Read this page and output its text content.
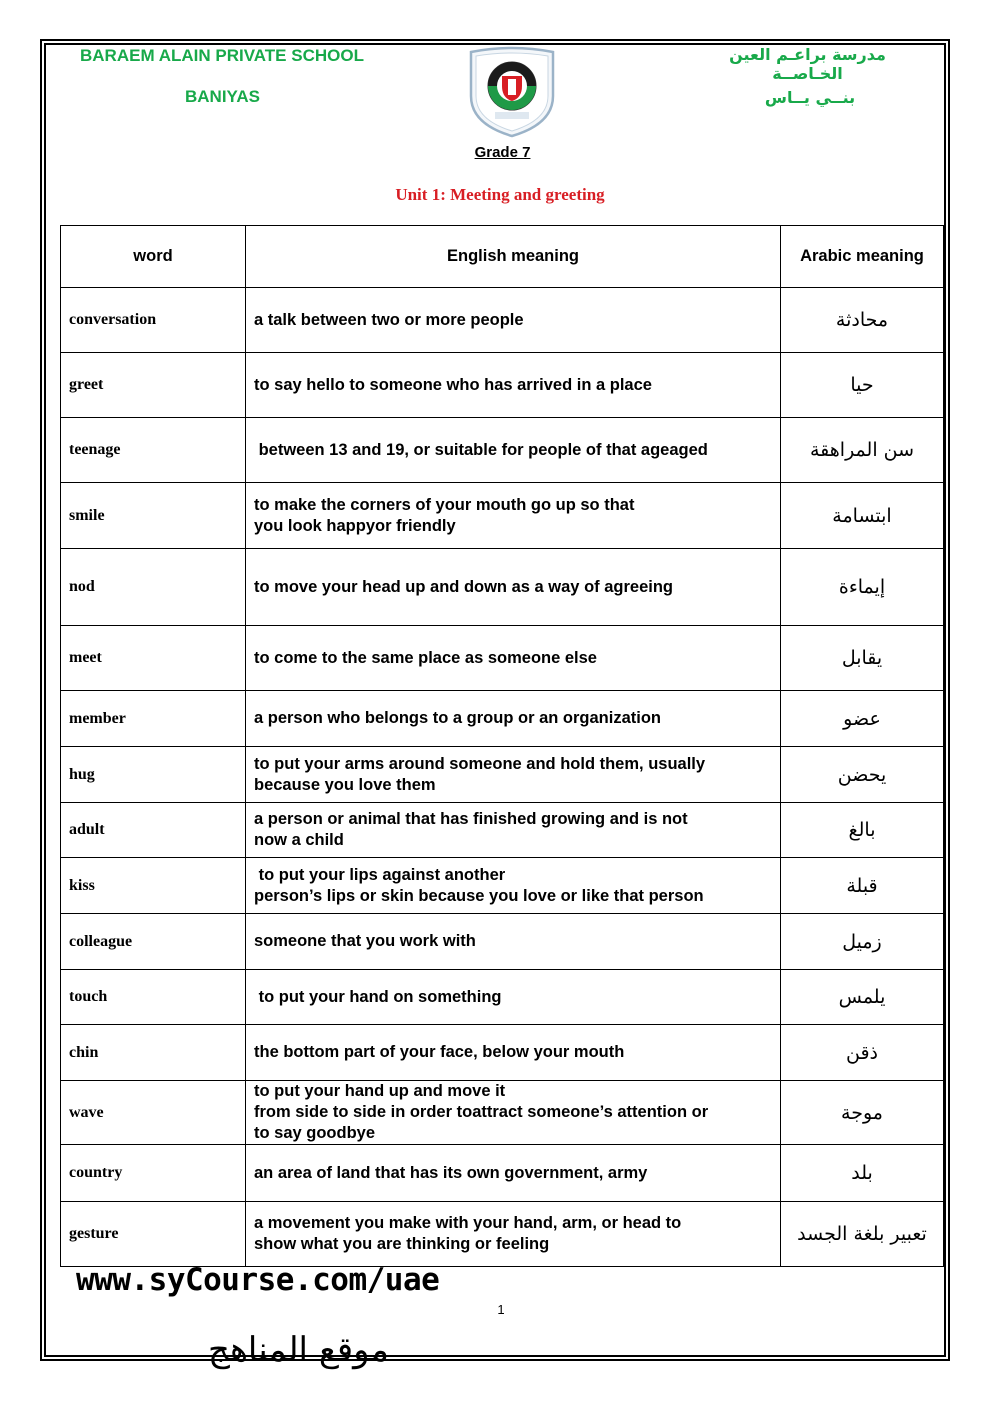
BARAEM ALAIN PRIVATE SCHOOL
BANIYAS
مدرسة براعـم العين الخـاصــة
بنــي يــاس
Grade 7
Unit 1: Meeting and greeting
word	English meaning	Arabic meaning
conversation	a talk between two or more people	محادثة
greet	to say hello to someone who has arrived in a place	حيا
teenage	between 13 and 19, or suitable for people of that ageaged	سن المراهقة
smile	to make the corners of your mouth go up so that
you look happyor friendly	ابتسامة
nod	to move your head up and down as a way of agreeing	إيماءة
meet	to come to the same place as someone else	يقابل
member	a person who belongs to a group or an organization	عضو
hug	to put your arms around someone and hold them, usually
because you love them	يحضن
adult	a person or animal that has finished growing and is not
now a child	بالغ
kiss	to put your lips against another
person’s lips or skin because you love or like that person	قبلة
colleague	someone that you work with	زميل
touch	to put your hand on something	يلمس
chin	the bottom part of your face, below your mouth	ذقن
wave	to put your hand up and move it
from side to side in order toattract someone’s attention or
to say goodbye	موجة
country	an area of land that has its own government, army	بلد
gesture	a movement you make with your hand, arm, or head to
show what you are thinking or feeling	تعبير بلغة الجسد
www.syCourse.com/uae
1
موقع المناهج
